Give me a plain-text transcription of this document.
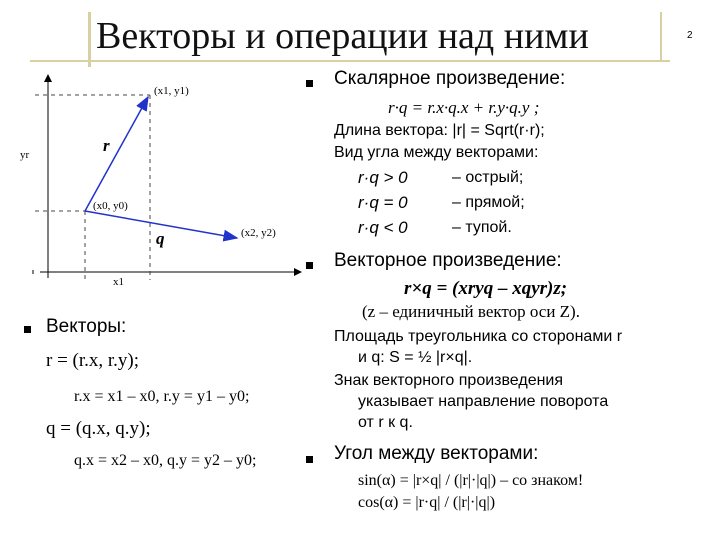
Векторы и операции над ними	2
(x1, y1)
(x0, y0)
(x2, y2)
r
q
yr
x1
Векторы:
r = (r.x, r.y);
r.x = x1 – x0, r.y = y1 – y0;
q = (q.x, q.y);
q.x = x2 – x0, q.y = y2 – y0;
Скалярное произведение:
r·q = r.x·q.x + r.y·q.y ;
Длина вектора: |r| = Sqrt(r·r);
Вид угла между векторами:
r·q > 0	– острый;
r·q = 0	– прямой;
r·q < 0	– тупой.
Векторное произведение:
r×q = (xryq – xqyr)z;
(z – единичный вектор оси Z).
Площадь треугольника со сторонами r
и q: S = ½ |r×q|.
Знак векторного произведения
указывает направление поворота
от r к q.
Угол между векторами:
sin(α) = |r×q| / (|r|·|q|) – со знаком!
cos(α) = |r·q| / (|r|·|q|)
